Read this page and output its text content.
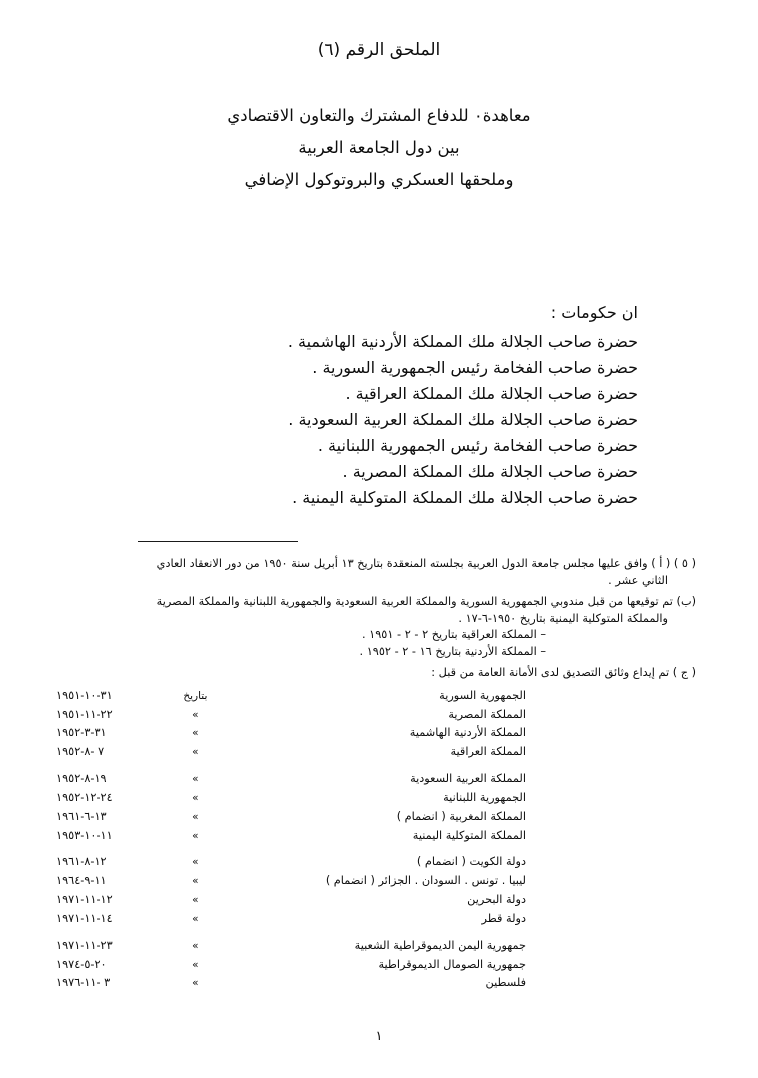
الملحق الرقم (٦)
معاهدة٠ للدفاع المشترك والتعاون الاقتصادي
بين دول الجامعة العربية
وملحقها العسكري والبروتوكول الإضافي
ان حكومات :
حضرة صاحب الجلالة ملك المملكة الأردنية الهاشمية .
حضرة صاحب الفخامة رئيس الجمهورية السورية .
حضرة صاحب الجلالة ملك المملكة العراقية .
حضرة صاحب الجلالة ملك المملكة العربية السعودية .
حضرة صاحب الفخامة رئيس الجمهورية اللبنانية .
حضرة صاحب الجلالة ملك المملكة المصرية .
حضرة صاحب الجلالة ملك المملكة المتوكلية اليمنية .
( ٥ ) ( أ ) وافق عليها مجلس جامعة الدول العربية بجلسته المنعقدة بتاريخ ١٣ أبريل سنة ١٩٥٠ من دور الانعقاد العادي
الثاني عشر .
(ب) تم توقيعها من قبل مندوبي الجمهورية السورية والمملكة العربية السعودية والجمهورية اللبنانية والمملكة المصرية
والمملكة المتوكلية اليمنية بتاريخ ١٩٥٠-٦-١٧ .
– المملكة العراقية بتاريخ ٢ - ٢ - ١٩٥١ .
– المملكة الأردنية بتاريخ ١٦ - ٢ - ١٩٥٢ .
( ج ) تم إيداع وثائق التصديق لدى الأمانة العامة من قبل :
الجمهورية السورية	بتاريخ	١٩٥١-١٠-٣١
المملكة المصرية	»	١٩٥١-١١-٢٢
المملكة الأردنية الهاشمية	»	١٩٥٢-٣-٣١
المملكة العراقية	»	١٩٥٢-٨- ٧
المملكة العربية السعودية	»	١٩٥٢-٨-١٩
الجمهورية اللبنانية	»	١٩٥٢-١٢-٢٤
المملكة المغربية ( انضمام )	»	١٩٦١-٦-١٣
المملكة المتوكلية اليمنية	»	١٩٥٣-١٠-١١
دولة الكويت ( انضمام )	»	١٩٦١-٨-١٢
ليبيا . تونس . السودان . الجزائر ( انضمام )	»	١٩٦٤-٩-١١
دولة البحرين	»	١٩٧١-١١-١٢
دولة قطر	»	١٩٧١-١١-١٤
جمهورية اليمن الديموقراطية الشعبية	»	١٩٧١-١١-٢٣
جمهورية الصومال الديموقراطية	»	١٩٧٤-٥-٢٠
فلسطين	»	١٩٧٦-١١- ٣
١
